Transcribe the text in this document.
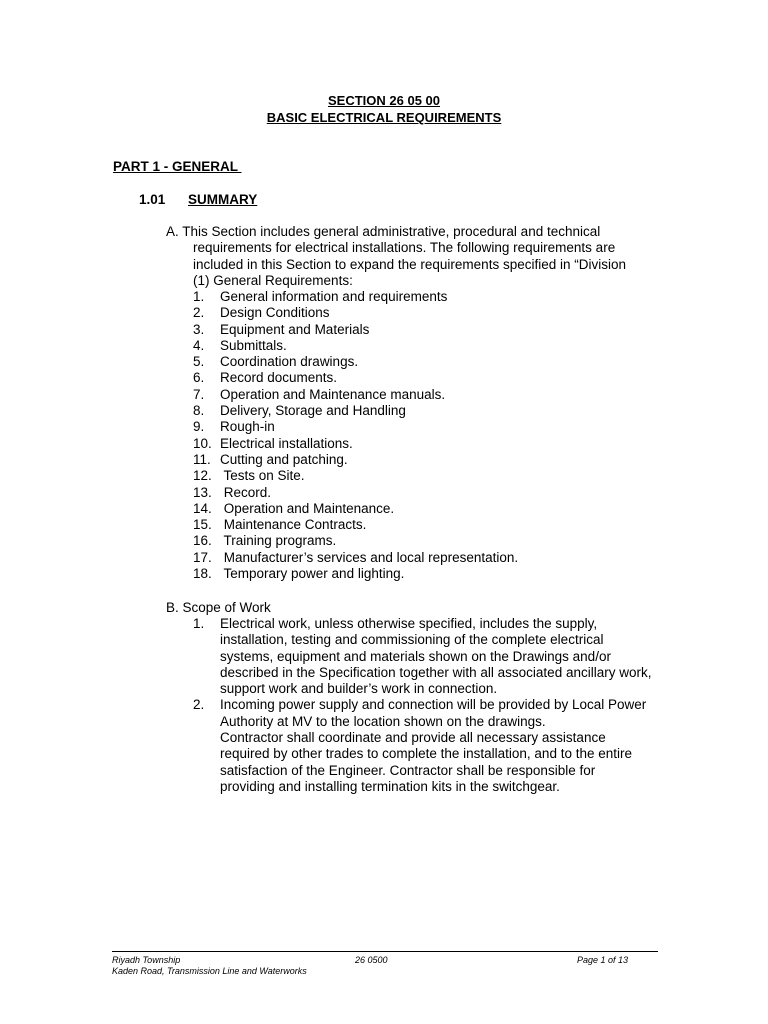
SECTION 26 05 00
BASIC ELECTRICAL REQUIREMENTS
PART 1 - GENERAL
1.01 SUMMARY
A. This Section includes general administrative, procedural and technical
requirements for electrical installations. The following requirements are
included in this Section to expand the requirements specified in “Division
(1) General Requirements:
1. General information and requirements
2. Design Conditions
3. Equipment and Materials
4. Submittals.
5. Coordination drawings.
6. Record documents.
7. Operation and Maintenance manuals.
8. Delivery, Storage and Handling
9. Rough-in
10. Electrical installations.
11. Cutting and patching.
12. Tests on Site.
13. Record.
14. Operation and Maintenance.
15. Maintenance Contracts.
16. Training programs.
17. Manufacturer’s services and local representation.
18. Temporary power and lighting.
B. Scope of Work
1. Electrical work, unless otherwise specified, includes the supply,
installation, testing and commissioning of the complete electrical
systems, equipment and materials shown on the Drawings and/or
described in the Specification together with all associated ancillary work,
support work and builder’s work in connection.
2. Incoming power supply and connection will be provided by Local Power
Authority at MV to the location shown on the drawings.
Contractor shall coordinate and provide all necessary assistance
required by other trades to complete the installation, and to the entire
satisfaction of the Engineer. Contractor shall be responsible for
providing and installing termination kits in the switchgear.
Riyadh Township	26 0500	Page 1 of 13
Kaden Road, Transmission Line and Waterworks
